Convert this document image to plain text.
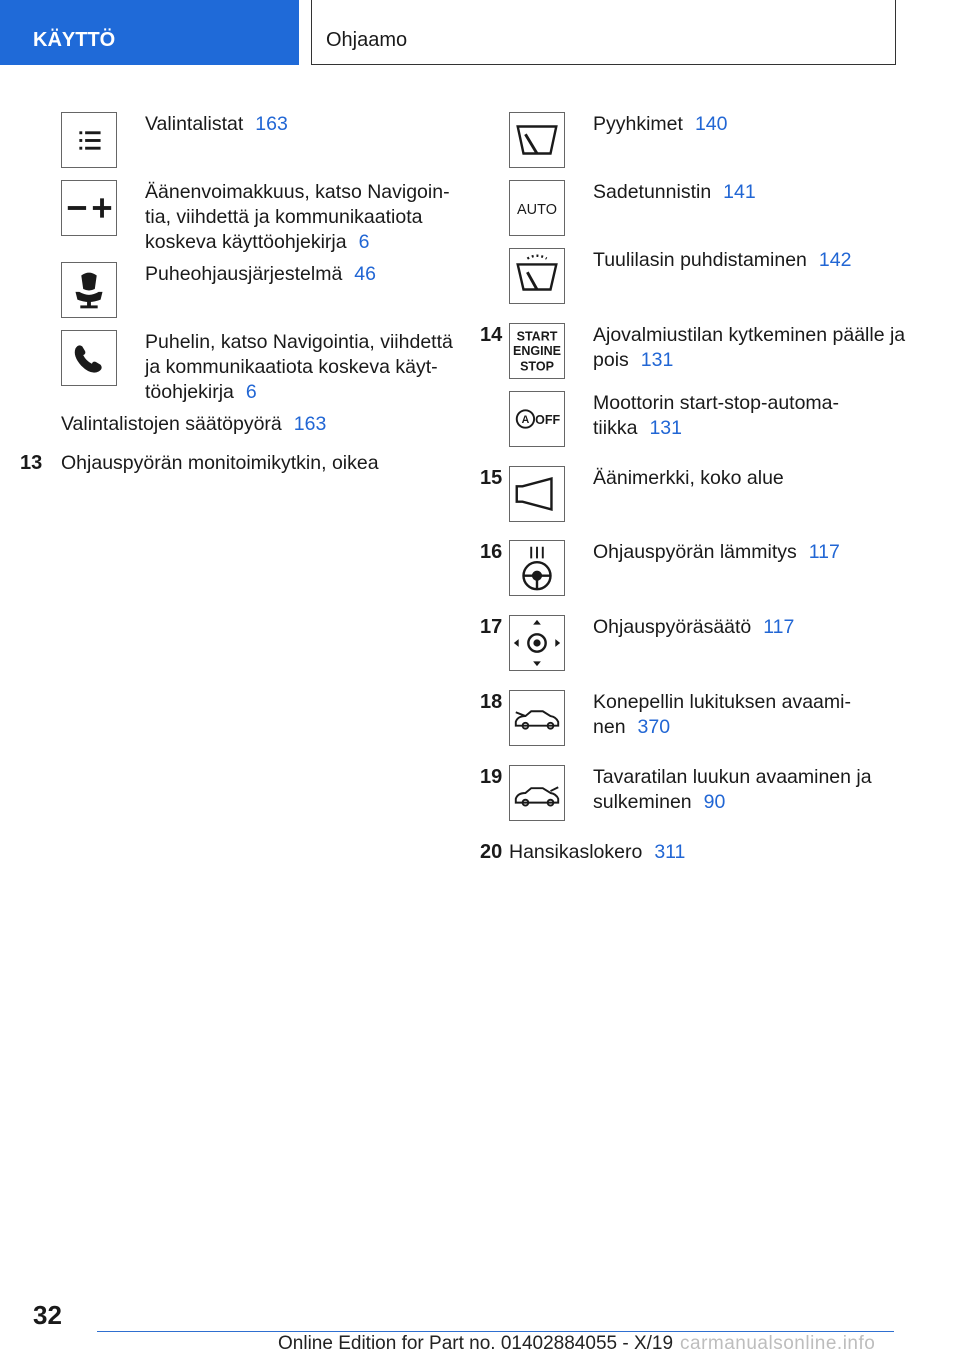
KÄYTTÖ	Ohjaamo
Valintalistat 163
Äänenvoimakkuus, katso Navigoin-
tia, viihdettä ja kommunikaatiota
koskeva käyttöohjekirja 6
Puheohjausjärjestelmä 46
Puhelin, katso Navigointia, viihdettä
ja kommunikaatiota koskeva käyt-
töohjekirja 6
Valintalistojen säätöpyörä 163
13 Ohjauspyörän monitoimikytkin, oikea
Pyyhkimet 140
AUTO
Sadetunnistin 141
Tuulilasin puhdistaminen 142
14 START
ENGINE
STOP
Ajovalmiustilan kytkeminen päälle ja
pois 131
A OFF
Moottorin start-stop-automa-
tiikka 131
15	Äänimerkki, koko alue
16	Ohjauspyörän lämmitys 117
17	Ohjauspyöräsäätö 117
18	Konepellin lukituksen avaami-
nen 370
19	Tavaratilan luukun avaaminen ja
sulkeminen 90
20 Hansikaslokero 311
32
Online Edition for Part no. 01402884055 - X/19 carmanualsonline.info
